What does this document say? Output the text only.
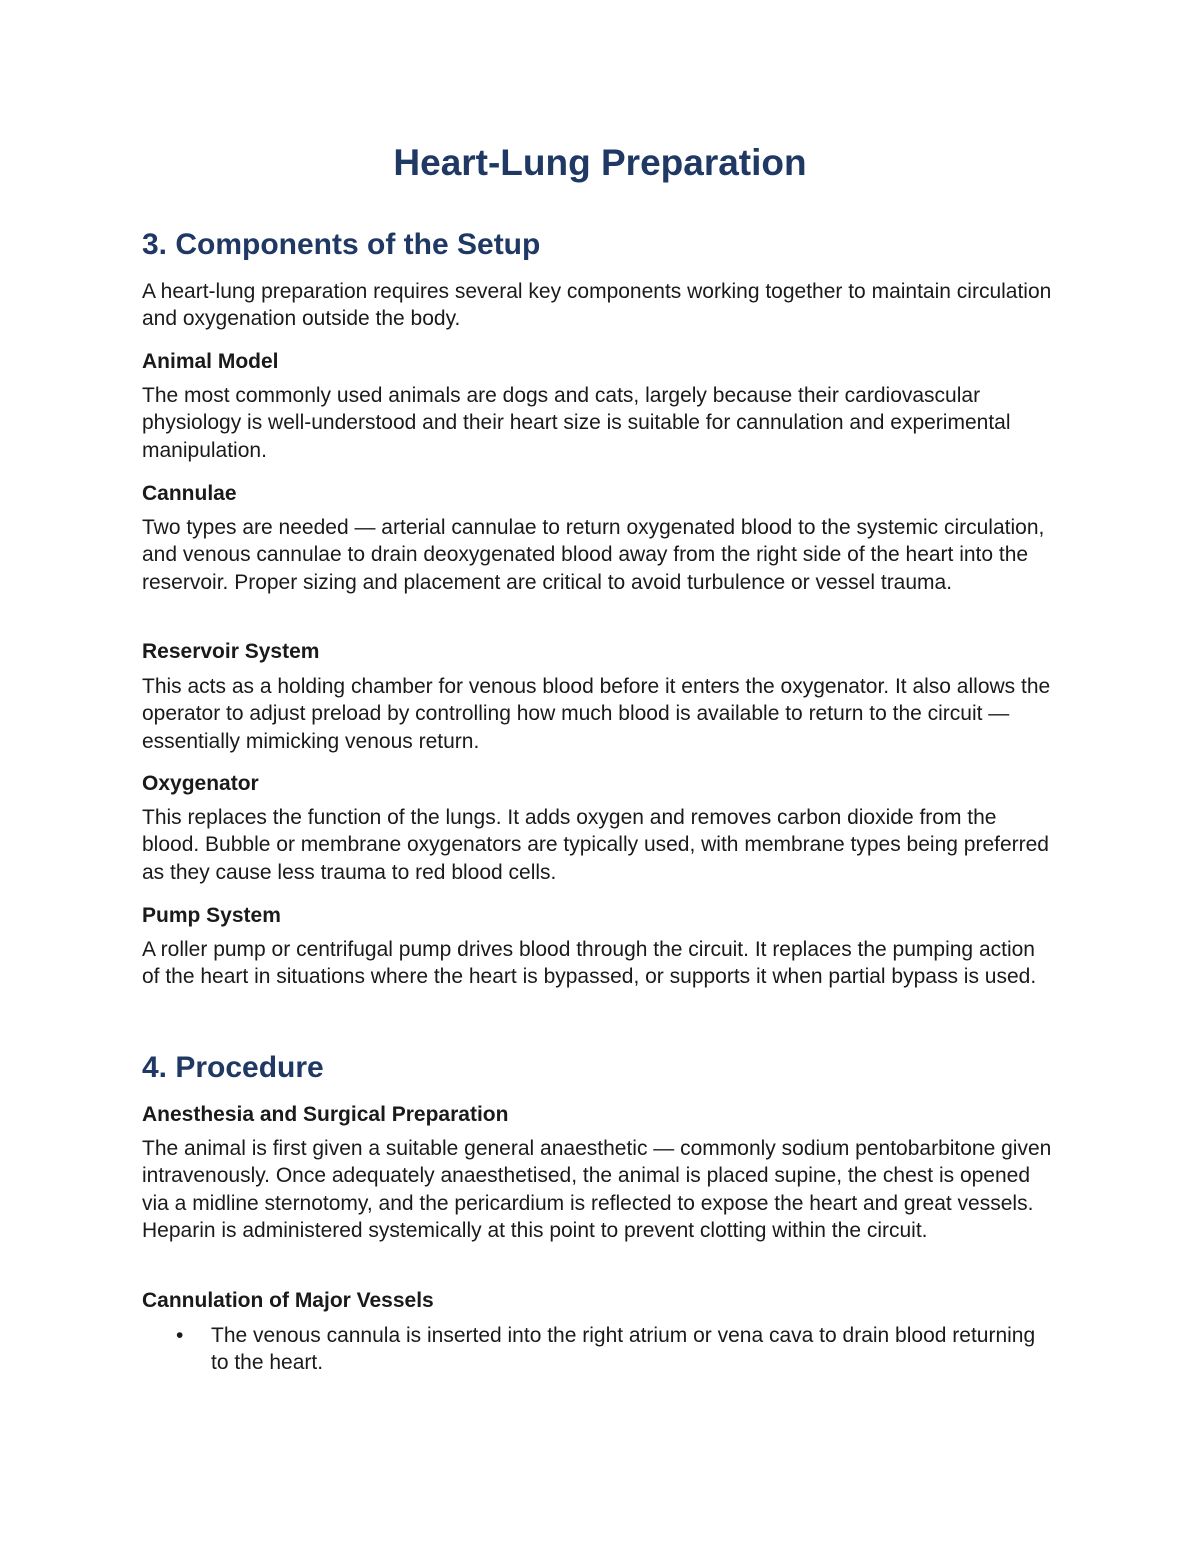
Heart-Lung Preparation
3. Components of the Setup

A heart-lung preparation requires several key components working together to maintain circulation and oxygenation outside the body.

Animal Model

The most commonly used animals are dogs and cats, largely because their cardiovascular physiology is well-understood and their heart size is suitable for cannulation and experimental manipulation.

Cannulae

Two types are needed — arterial cannulae to return oxygenated blood to the systemic circulation, and venous cannulae to drain deoxygenated blood away from the right side of the heart into the reservoir. Proper sizing and placement are critical to avoid turbulence or vessel trauma.

Reservoir System

This acts as a holding chamber for venous blood before it enters the oxygenator. It also allows the operator to adjust preload by controlling how much blood is available to return to the circuit — essentially mimicking venous return.

Oxygenator

This replaces the function of the lungs. It adds oxygen and removes carbon dioxide from the blood. Bubble or membrane oxygenators are typically used, with membrane types being preferred as they cause less trauma to red blood cells.

Pump System

A roller pump or centrifugal pump drives blood through the circuit. It replaces the pumping action of the heart in situations where the heart is bypassed, or supports it when partial bypass is used.

4. Procedure
Anesthesia and Surgical Preparation

The animal is first given a suitable general anaesthetic — commonly sodium pentobarbitone given intravenously. Once adequately anaesthetised, the animal is placed supine, the chest is opened via a midline sternotomy, and the pericardium is reflected to expose the heart and great vessels. Heparin is administered systemically at this point to prevent clotting within the circuit.

Cannulation of Major Vessels
• The venous cannula is inserted into the right atrium or vena cava to drain blood returning to the heart.
